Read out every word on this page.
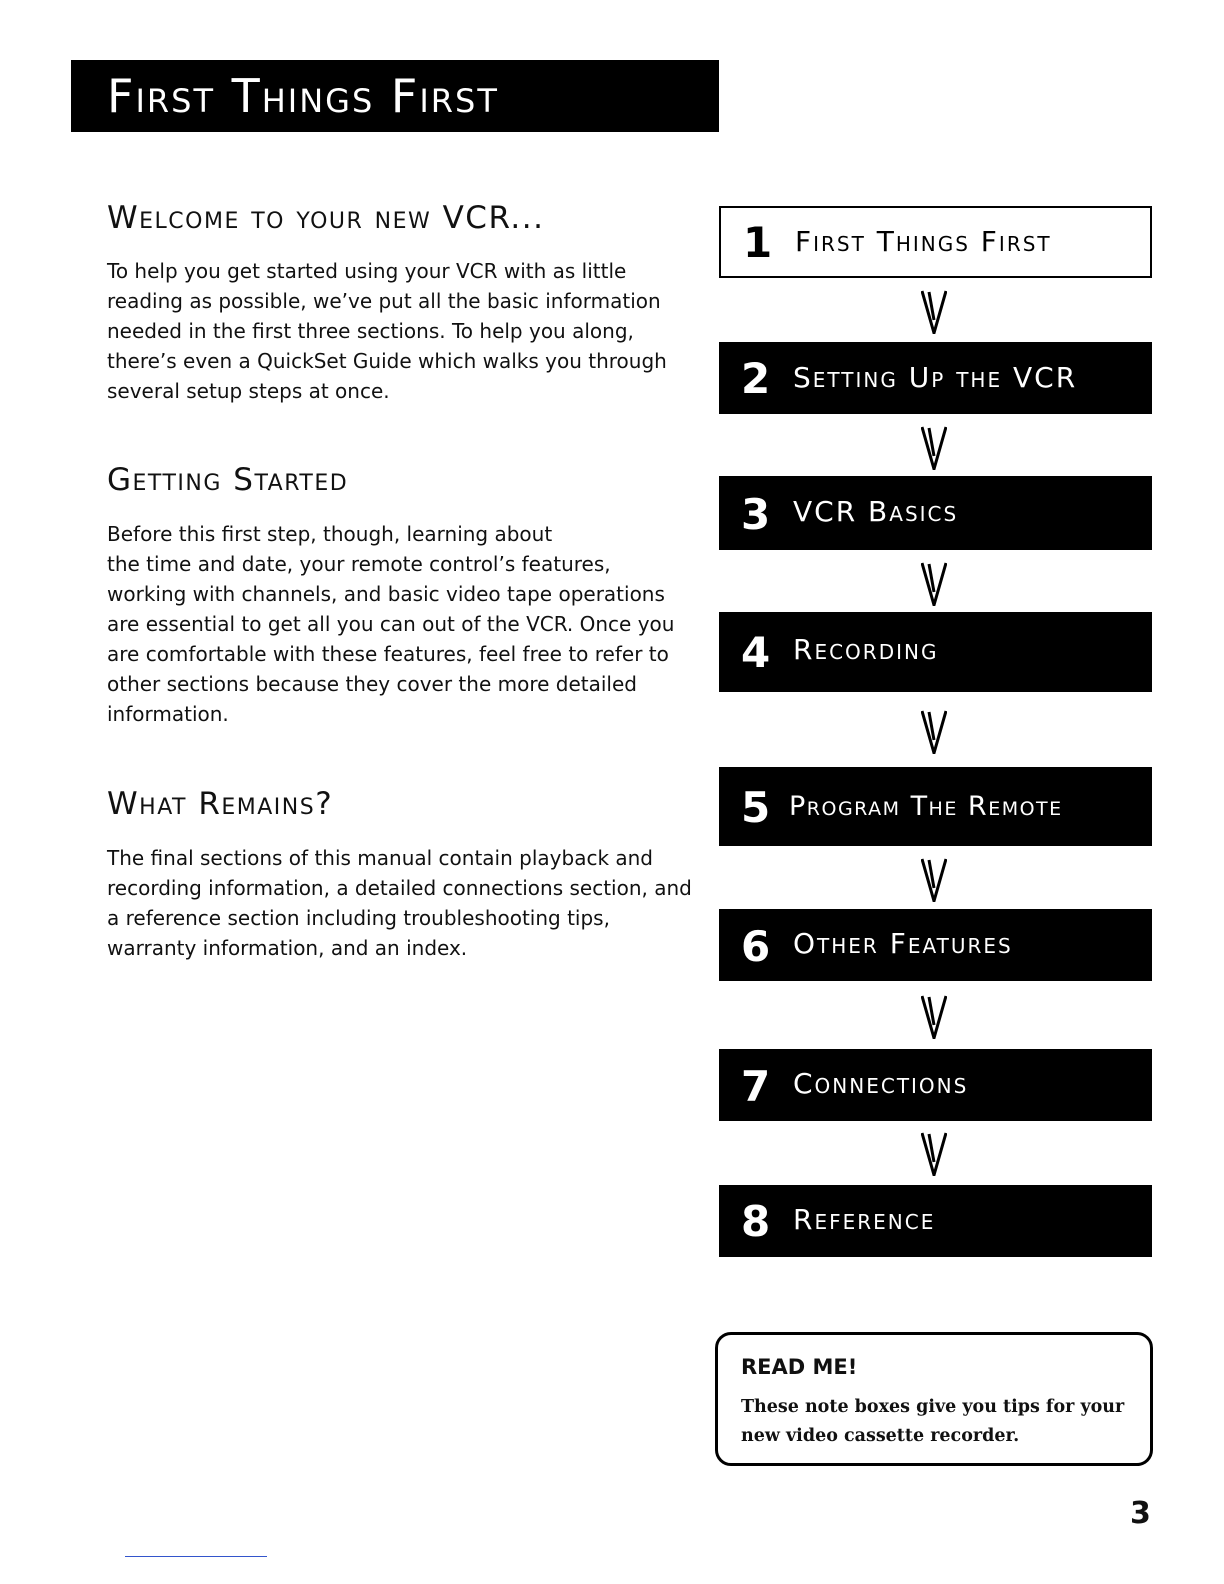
First Things First
Welcome to your new VCR...
To help you get started using your VCR with as little
reading as possible, we’ve put all the basic information
needed in the first three sections. To help you along,
there’s even a QuickSet Guide which walks you through
several setup steps at once.
Getting Started
Before this first step, though, learning about
the time and date, your remote control’s features,
working with channels, and basic video tape operations
are essential to get all you can out of the VCR. Once you
are comfortable with these features, feel free to refer to
other sections because they cover the more detailed
information.
What Remains?
The final sections of this manual contain playback and
recording information, a detailed connections section, and
a reference section including troubleshooting tips,
warranty information, and an index.
1 First Things First
2 Setting Up the VCR
3 VCR Basics
4 Recording
5 Program The Remote
6 Other Features
7 Connections
8 Reference
READ ME!
These note boxes give you tips for your
new video cassette recorder.
3
